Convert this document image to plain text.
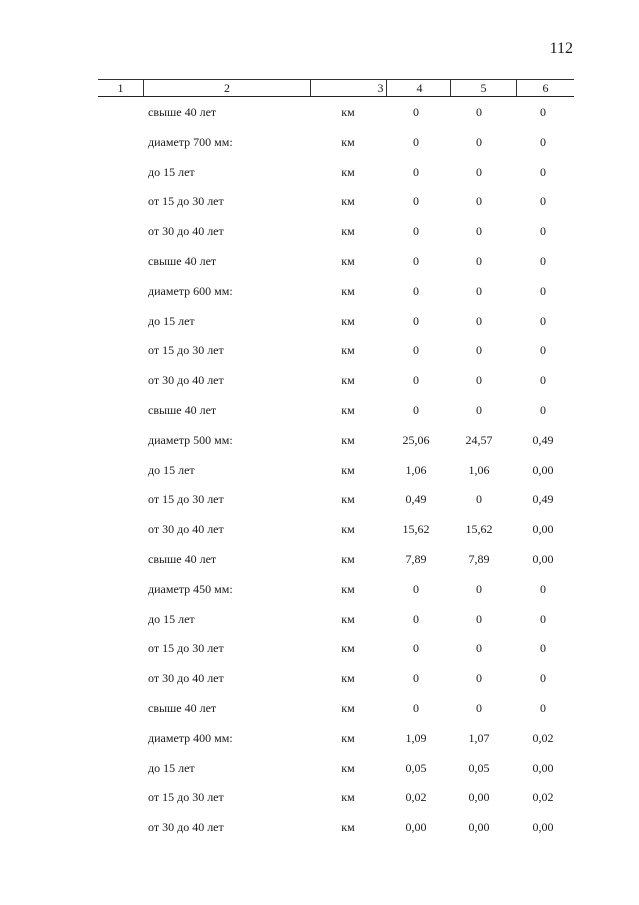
112
1	2	3	4	5	6
свыше 40 лет	км	0	0	0
диаметр 700 мм:	км	0	0	0
до 15 лет	км	0	0	0
от 15 до 30 лет	км	0	0	0
от 30 до 40 лет	км	0	0	0
свыше 40 лет	км	0	0	0
диаметр 600 мм:	км	0	0	0
до 15 лет	км	0	0	0
от 15 до 30 лет	км	0	0	0
от 30 до 40 лет	км	0	0	0
свыше 40 лет	км	0	0	0
диаметр 500 мм:	км	25,06	24,57	0,49
до 15 лет	км	1,06	1,06	0,00
от 15 до 30 лет	км	0,49	0	0,49
от 30 до 40 лет	км	15,62	15,62	0,00
свыше 40 лет	км	7,89	7,89	0,00
диаметр 450 мм:	км	0	0	0
до 15 лет	км	0	0	0
от 15 до 30 лет	км	0	0	0
от 30 до 40 лет	км	0	0	0
свыше 40 лет	км	0	0	0
диаметр 400 мм:	км	1,09	1,07	0,02
до 15 лет	км	0,05	0,05	0,00
от 15 до 30 лет	км	0,02	0,00	0,02
от 30 до 40 лет	км	0,00	0,00	0,00
